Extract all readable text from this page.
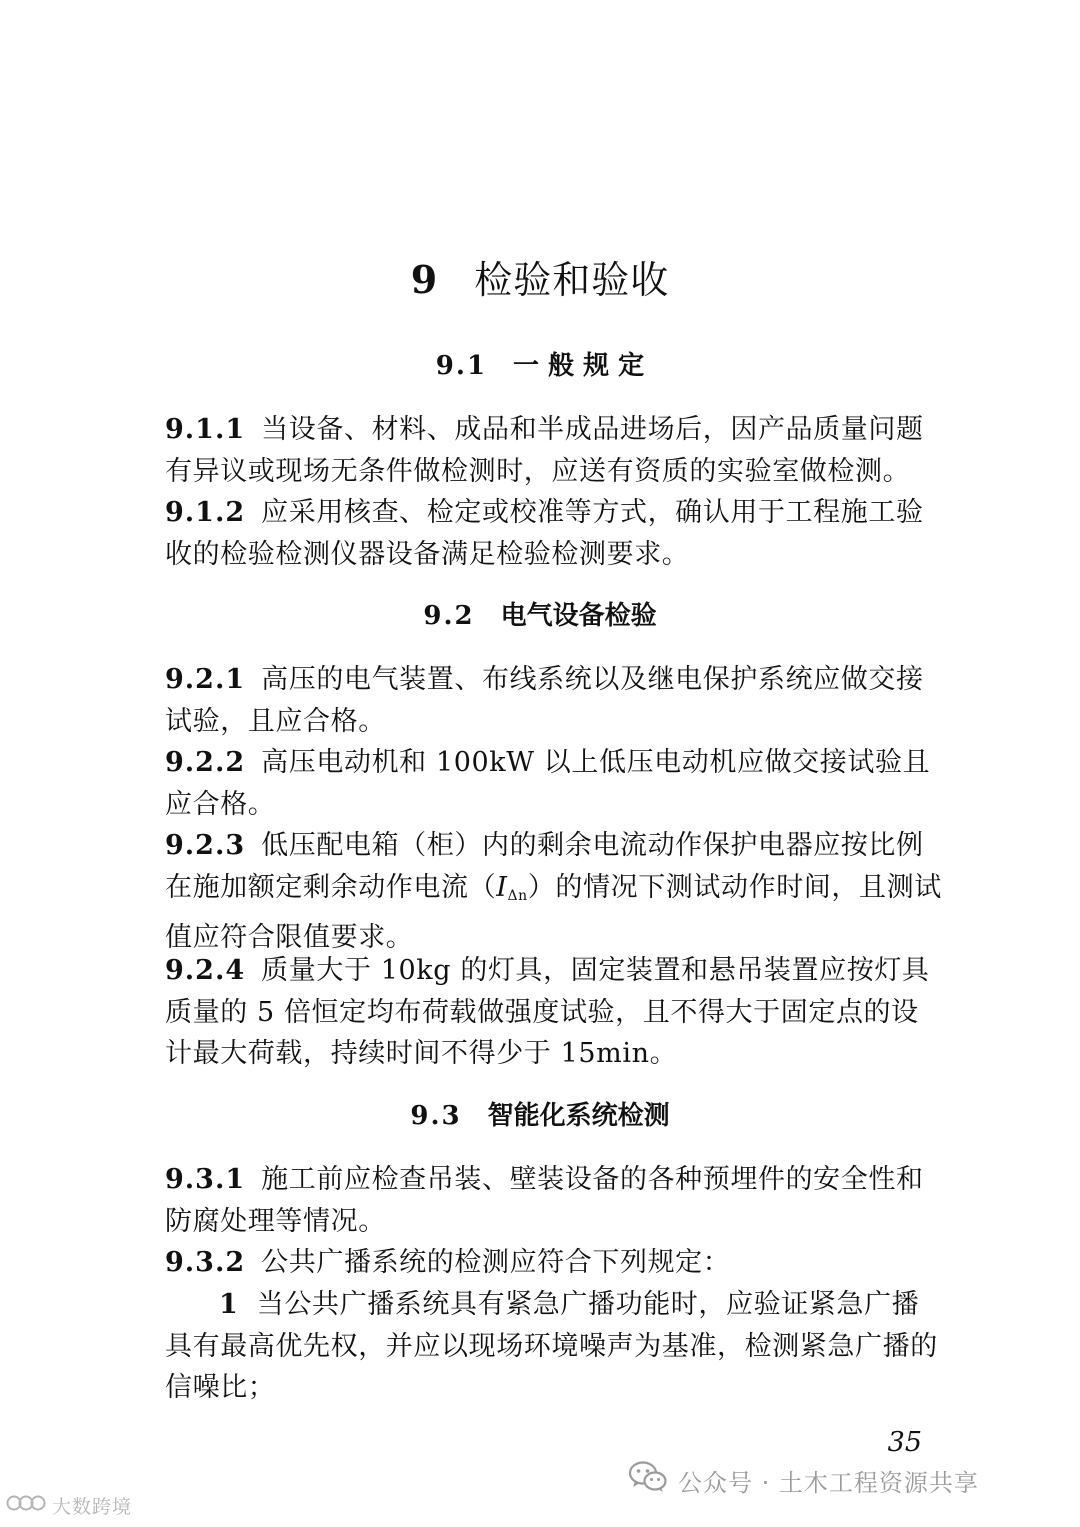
9 检验和验收
9.1 一 般 规 定
9.1.1 当设备、材料、成品和半成品进场后，因产品质量问题有异议或现场无条件做检测时，应送有资质的实验室做检测。
9.1.2 应采用核查、检定或校准等方式，确认用于工程施工验收的检验检测仪器设备满足检验检测要求。
9.2 电气设备检验
9.2.1 高压的电气装置、布线系统以及继电保护系统应做交接试验，且应合格。
9.2.2 高压电动机和 100kW 以上低压电动机应做交接试验且应合格。
9.2.3 低压配电箱（柜）内的剩余电流动作保护电器应按比例在施加额定剩余动作电流$(I_{\Delta n})$的情况下测试动作时间，且测试值应符合限值要求。
9.2.4 质量大于 10kg 的灯具，固定装置和悬吊装置应按灯具质量的 5 倍恒定均布荷载做强度试验，且不得大于固定点的设计最大荷载，持续时间不得少于 15min。
9.3 智能化系统检测
9.3.1 施工前应检查吊装、壁装设备的各种预埋件的安全性和防腐处理等情况。
9.3.2 公共广播系统的检测应符合下列规定：
1 当公共广播系统具有紧急广播功能时，应验证紧急广播具有最高优先权，并应以现场环境噪声为基准，检测紧急广播的信噪比；
35
公众号 · 土木工程资源共享
大数跨境
